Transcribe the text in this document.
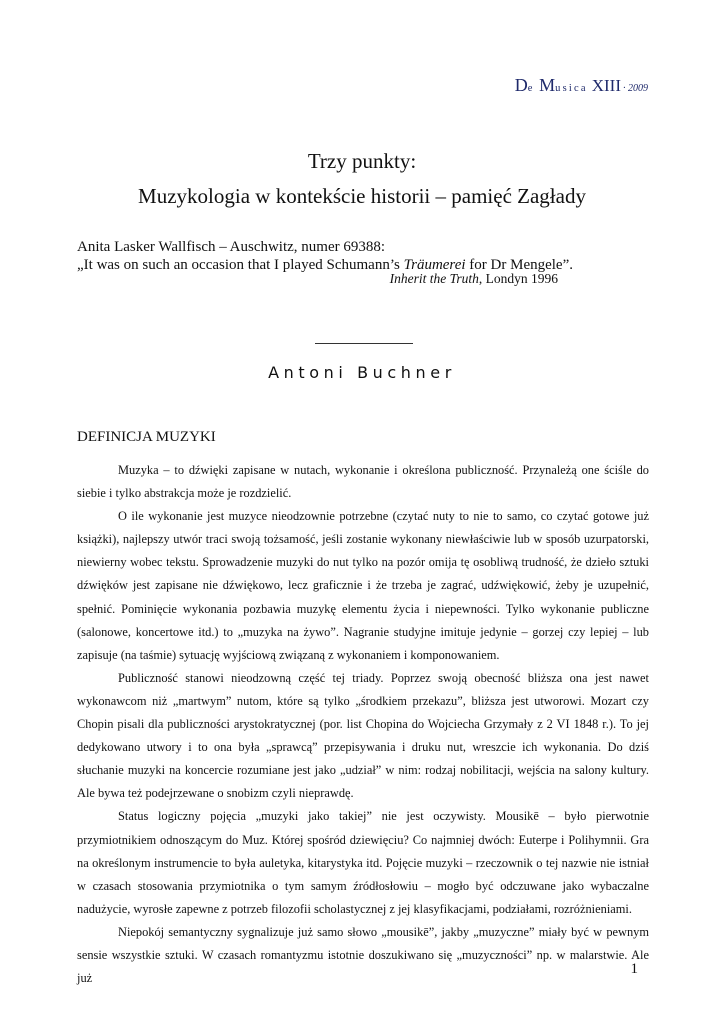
De Musica XIII · 2009
Trzy punkty:
Muzykologia w kontekście historii – pamięć Zagłady
Anita Lasker Wallfisch – Auschwitz, numer 69388:
„It was on such an occasion that I played Schumann’s Träumerei for Dr Mengele”.
Inherit the Truth, Londyn 1996
Antoni Buchner
DEFINICJA MUZYKI

Muzyka – to dźwięki zapisane w nutach, wykonanie i określona publiczność. Przynależą one ściśle do siebie i tylko abstrakcja może je rozdzielić.

O ile wykonanie jest muzyce nieodzownie potrzebne (czytać nuty to nie to samo, co czytać gotowe już książki), najlepszy utwór traci swoją tożsamość, jeśli zostanie wykonany niewłaściwie lub w sposób uzurpatorski, niewierny wobec tekstu. Sprowadzenie muzyki do nut tylko na pozór omija tę osobliwą trudność, że dzieło sztuki dźwięków jest zapisane nie dźwiękowo, lecz graficznie i że trzeba je zagrać, udźwiękowić, żeby je uzupełnić, spełnić. Pominięcie wykonania pozbawia muzykę elementu życia i niepewności. Tylko wykonanie publiczne (salonowe, koncertowe itd.) to „muzyka na żywo”. Nagranie studyjne imituje jedynie – gorzej czy lepiej – lub zapisuje (na taśmie) sytuację wyjściową związaną z wykonaniem i komponowaniem.

Publiczność stanowi nieodzowną część tej triady. Poprzez swoją obecność bliższa ona jest nawet wykonawcom niż „martwym” nutom, które są tylko „środkiem przekazu”, bliższa jest utworowi. Mozart czy Chopin pisali dla publiczności arystokratycznej (por. list Chopina do Wojciecha Grzymały z 2 VI 1848 r.). To jej dedykowano utwory i to ona była „sprawcą” przepisywania i druku nut, wreszcie ich wykonania. Do dziś słuchanie muzyki na koncercie rozumiane jest jako „udział” w nim: rodzaj nobilitacji, wejścia na salony kultury. Ale bywa też podejrzewane o snobizm czyli nieprawdę.

Status logiczny pojęcia „muzyki jako takiej” nie jest oczywisty. Mousikē – było pierwotnie przymiotnikiem odnoszącym do Muz. Której spośród dziewięciu? Co najmniej dwóch: Euterpe i Polihymnii. Gra na określonym instrumencie to była auletyka, kitarystyka itd. Pojęcie muzyki – rzeczownik o tej nazwie nie istniał w czasach stosowania przymiotnika o tym samym źródłosłowiu – mogło być odczuwane jako wybaczalne nadużycie, wyrosłe zapewne z potrzeb filozofii scholastycznej z jej klasyfikacjami, podziałami, rozróżnieniami.

Niepokój semantyczny sygnalizuje już samo słowo „mousikē”, jakby „muzyczne” miały być w pewnym sensie wszystkie sztuki. W czasach romantyzmu istotnie doszukiwano się „muzyczności” np. w malarstwie. Ale już

1
